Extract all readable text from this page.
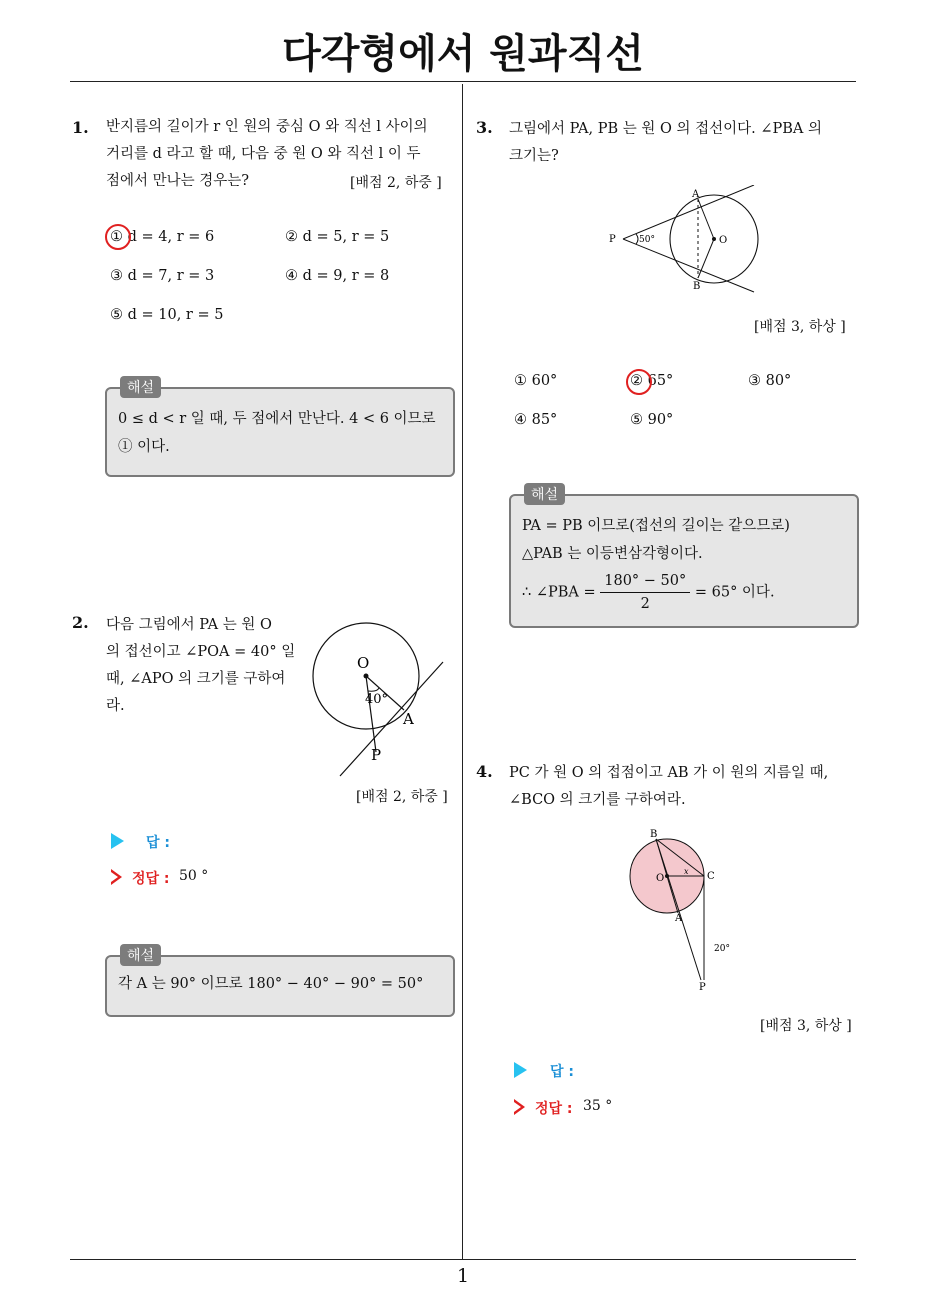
다각형에서 원과직선
1
1. 반지름의 길이가 r 인 원의 중심 O 와 직선 l 사이의
거리를 d 라고 할 때, 다음 중 원 O 와 직선 l 이 두
점에서 만나는 경우는?	[배점 2, 하중 ]
① d = 4, r = 6	② d = 5, r = 5
③ d = 7, r = 3	④ d = 9, r = 8
⑤ d = 10, r = 5
해설
0 ≤ d < r 일 때, 두 점에서 만난다. 4 < 6 이므로
① 이다.
2. 다음 그림에서 PA 는 원 O
의 접선이고 ∠POA = 40° 일
때, ∠APO 의 크기를 구하여
라.
O
40°
A
P
[배점 2, 하중 ]
답 :
정답 : 50 °
해설
각 A 는 90° 이므로 180° − 40° − 90° = 50°
3. 그림에서 PA, PB 는 원 O 의 접선이다. ∠PBA 의
크기는?
P	50°
A
B
O
[배점 3, 하상 ]
① 60°	② 65°	③ 80°
④ 85°	⑤ 90°
해설
PA = PB 이므로(접선의 길이는 같으므로)
△PAB 는 이등변삼각형이다.
∴ ∠PBA = $\frac{180^\circ - 50^\circ}{2} = 65^\circ$ 이다.
4. PC 가 원 O 의 접점이고 AB 가 이 원의 지름일 때,
∠BCO 의 크기를 구하여라.
B
O
x C
A
20°
P
[배점 3, 하상 ]
답 :
정답 : 35 °
